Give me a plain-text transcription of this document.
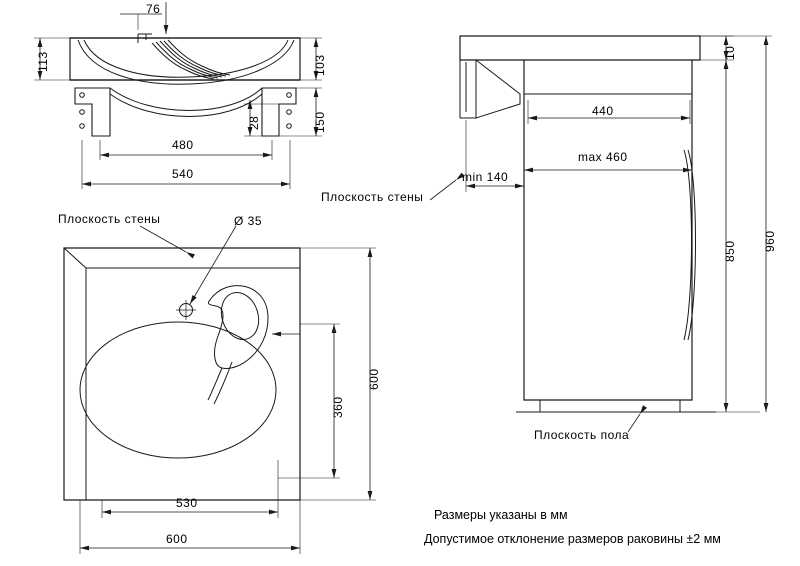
76
113	103
28	150
480
540
10
440
max 460
min 140
850 960
Плоскость стены
Плоскость пола
Плоскость стены	Ø 35
600
360
530
600
Размеры указаны в мм
Допустимое отклонение размеров раковины ±2 мм
